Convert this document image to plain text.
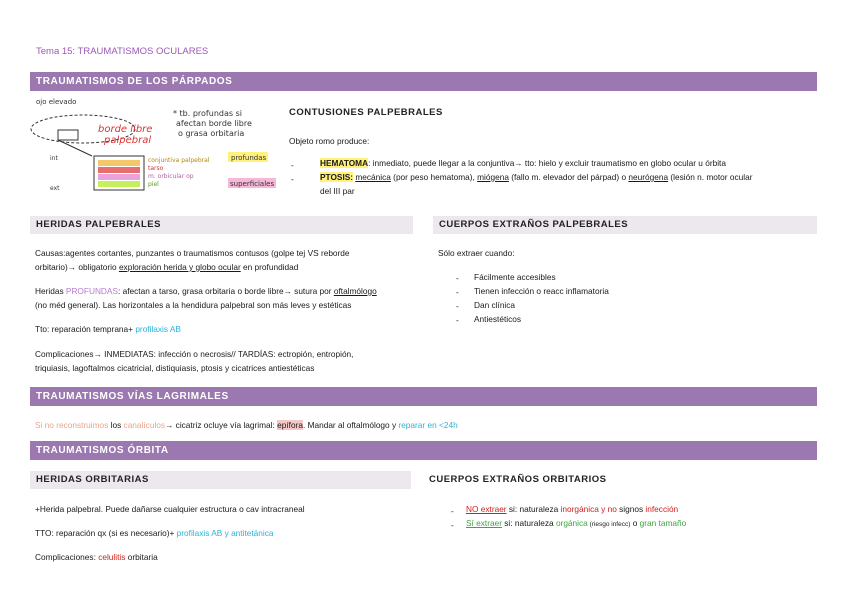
Tema 15: TRAUMATISMOS OCULARES
TRAUMATISMOS DE LOS PÁRPADOS
ojo elevado
borde libre
palpebral
* tb. profundas si
afectan borde libre
o grasa orbitaria
int
ext
conjuntiva palpebral
tarso
m. orbicular op
piel
profundas
superficiales
CONTUSIONES PALPEBRALES
Objeto romo produce:
-	HEMATOMA: inmediato, puede llegar a la conjuntiva→ tto: hielo y excluir traumatismo en globo ocular u órbita
-	PTOSIS: mecánica (por peso hematoma), miógena (fallo m. elevador del párpad) o neurógena (lesión n. motor ocular
del III par
HERIDAS PALPEBRALES
Causas:agentes cortantes, punzantes o traumatismos contusos (golpe tej VS reborde
orbitario)→ obligatorio exploración herida y globo ocular en profundidad
Heridas PROFUNDAS: afectan a tarso, grasa orbitaria o borde libre→ sutura por oftalmólogo
(no méd general). Las horizontales a la hendidura palpebral son más leves y estéticas
Tto: reparación temprana+ profilaxis AB
Complicaciones→ INMEDIATAS: infección o necrosis// TARDÍAS: ectropión, entropión,
triquiasis, lagoftalmos cicatricial, distiquiasis, ptosis y cicatrices antiestéticas
CUERPOS EXTRAÑOS PALPEBRALES
Sólo extraer cuando:
- Fácilmente accesibles
- Tienen infección o reacc inflamatoria
- Dan clínica
- Antiestéticos
TRAUMATISMOS VÍAS LAGRIMALES
Si no reconstruimos los canalículos→ cicatriz ocluye vía lagrimal: epífora. Mandar al oftalmólogo y reparar en <24h
TRAUMATISMOS ÓRBITA
HERIDAS ORBITARIAS
+Herida palpebral. Puede dañarse cualquier estructura o cav intracraneal
TTO: reparación qx (si es necesario)+ profilaxis AB y antitetánica
Complicaciones: celulitis orbitaria
CUERPOS EXTRAÑOS ORBITARIOS
- NO extraer si: naturaleza inorgánica y no signos infección
- Sí extraer si: naturaleza orgánica (riesgo infecc) o gran tamaño
